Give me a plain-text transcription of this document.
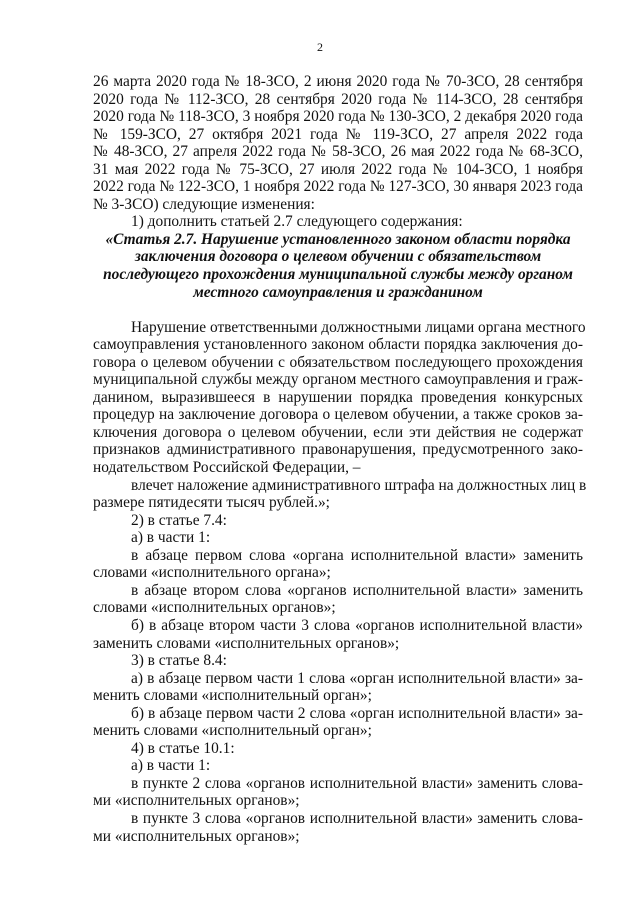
2
26 марта 2020 года № 18-ЗСО, 2 июня 2020 года № 70-ЗСО, 28 сентября
2020 года № 112-ЗСО, 28 сентября 2020 года № 114-ЗСО, 28 сентября
2020 года № 118-ЗСО, 3 ноября 2020 года № 130-ЗСО, 2 декабря 2020 года
№ 159-ЗСО, 27 октября 2021 года № 119-ЗСО, 27 апреля 2022 года
№ 48-ЗСО, 27 апреля 2022 года № 58-ЗСО, 26 мая 2022 года № 68-ЗСО,
31 мая 2022 года № 75-ЗСО, 27 июля 2022 года № 104-ЗСО, 1 ноября
2022 года № 122-ЗСО, 1 ноября 2022 года № 127-ЗСО, 30 января 2023 года
№ 3-ЗСО) следующие изменения:
1) дополнить статьей 2.7 следующего содержания:
«Статья 2.7. Нарушение установленного законом области порядка
заключения договора о целевом обучении с обязательством
последующего прохождения муниципальной службы между органом
местного самоуправления и гражданином
Нарушение ответственными должностными лицами органа местного
самоуправления установленного законом области порядка заключения до-
говора о целевом обучении с обязательством последующего прохождения
муниципальной службы между органом местного самоуправления и граж-
данином, выразившееся в нарушении порядка проведения конкурсных
процедур на заключение договора о целевом обучении, а также сроков за-
ключения договора о целевом обучении, если эти действия не содержат
признаков административного правонарушения, предусмотренного зако-
нодательством Российской Федерации, –
влечет наложение административного штрафа на должностных лиц в
размере пятидесяти тысяч рублей.»;
2) в статье 7.4:
а) в части 1:
в абзаце первом слова «органа исполнительной власти» заменить
словами «исполнительного органа»;
в абзаце втором слова «органов исполнительной власти» заменить
словами «исполнительных органов»;
б) в абзаце втором части 3 слова «органов исполнительной власти»
заменить словами «исполнительных органов»;
3) в статье 8.4:
а) в абзаце первом части 1 слова «орган исполнительной власти» за-
менить словами «исполнительный орган»;
б) в абзаце первом части 2 слова «орган исполнительной власти» за-
менить словами «исполнительный орган»;
4) в статье 10.1:
а) в части 1:
в пункте 2 слова «органов исполнительной власти» заменить слова-
ми «исполнительных органов»;
в пункте 3 слова «органов исполнительной власти» заменить слова-
ми «исполнительных органов»;
